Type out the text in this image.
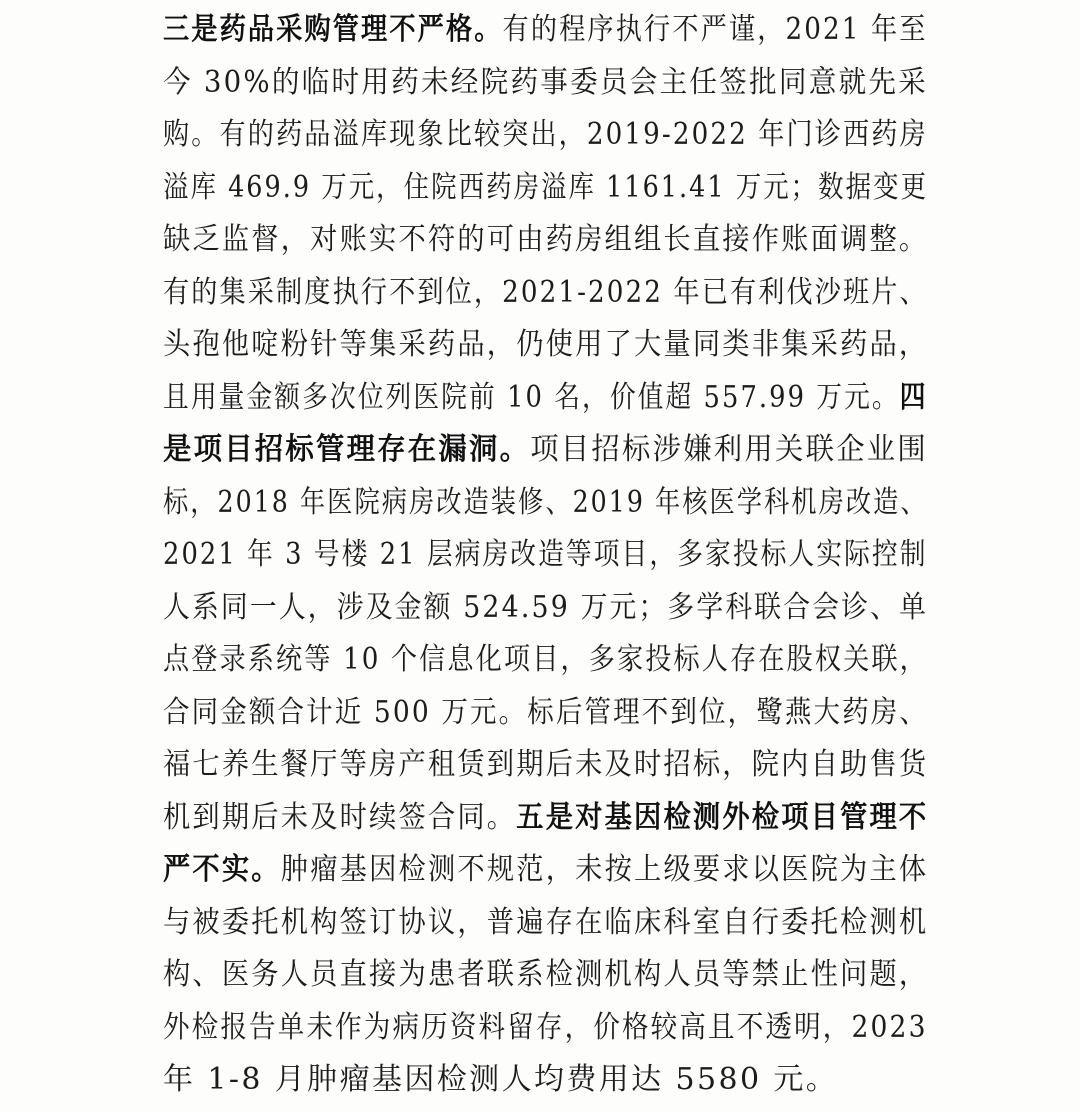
三是药品采购管理不严格。有的程序执行不严谨，2021 年至
今 30%的临时用药未经院药事委员会主任签批同意就先采
购。有的药品溢库现象比较突出，2019-2022 年门诊西药房
溢库 469.9 万元，住院西药房溢库 1161.41 万元；数据变更
缺乏监督，对账实不符的可由药房组组长直接作账面调整。
有的集采制度执行不到位，2021-2022 年已有利伐沙班片、
头孢他啶粉针等集采药品，仍使用了大量同类非集采药品，
且用量金额多次位列医院前 10 名，价值超 557.99 万元。四
是项目招标管理存在漏洞。项目招标涉嫌利用关联企业围
标，2018 年医院病房改造装修、2019 年核医学科机房改造、
2021 年 3 号楼 21 层病房改造等项目，多家投标人实际控制
人系同一人，涉及金额 524.59 万元；多学科联合会诊、单
点登录系统等 10 个信息化项目，多家投标人存在股权关联，
合同金额合计近 500 万元。标后管理不到位，鹭燕大药房、
福七养生餐厅等房产租赁到期后未及时招标，院内自助售货
机到期后未及时续签合同。五是对基因检测外检项目管理不
严不实。肿瘤基因检测不规范，未按上级要求以医院为主体
与被委托机构签订协议，普遍存在临床科室自行委托检测机
构、医务人员直接为患者联系检测机构人员等禁止性问题，
外检报告单未作为病历资料留存，价格较高且不透明，2023
年 1-8 月肿瘤基因检测人均费用达 5580 元。
